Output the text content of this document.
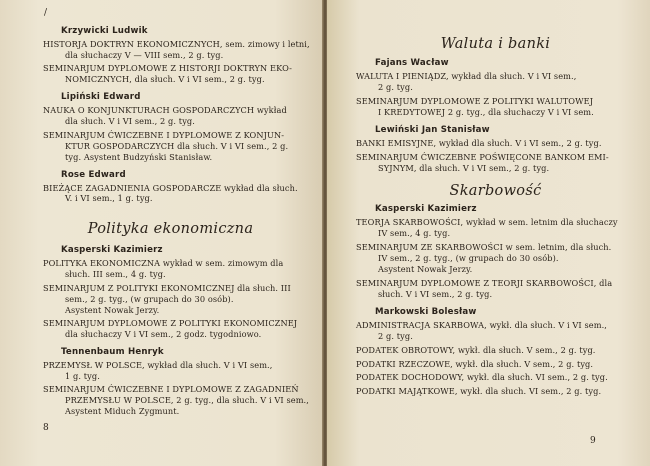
Krzywicki Ludwik
HISTORJA DOKTRYN EKONOMICZNYCH, sem. zimowy i letni,
dla słuchaczy V — VIII sem., 2 g. tyg.
SEMINARJUM DYPLOMOWE Z HISTORJI DOKTRYN EKO-
NOMICZNYCH, dla słuch. V i VI sem., 2 g. tyg.
Lipiński Edward
NAUKA O KONJUNKTURACH GOSPODARCZYCH wykład
dla słuch. V i VI sem., 2 g. tyg.
SEMINARJUM ĆWICZEBNE I DYPLOMOWE Z KONJUN-
KTUR GOSPODARCZYCH dla słuch. V i VI sem., 2 g.
tyg. Asystent Budzyński Stanisław.
Rose Edward
BIEŻĄCE ZAGADNIENIA GOSPODARCZE wykład dla słuch.
V. i VI sem., 1 g. tyg.
Polityka ekonomiczna
Kasperski Kazimierz
POLITYKA EKONOMICZNA wykład w sem. zimowym dla
słuch. III sem., 4 g. tyg.
SEMINARJUM Z POLITYKI EKONOMICZNEJ dla słuch. III
sem., 2 g. tyg., (w grupach do 30 osób).
Asystent Nowak Jerzy.
SEMINARJUM DYPLOMOWE Z POLITYKI EKONOMICZNEJ
dla słuchaczy V i VI sem., 2 godz. tygodniowo.
Tennenbaum Henryk
PRZEMYSŁ W POLSCE, wykład dla słuch. V i VI sem.,
1 g. tyg.
SEMINARJUM ĆWICZEBNE I DYPLOMOWE Z ZAGADNIEŃ
PRZEMYSŁU W POLSCE, 2 g. tyg., dla słuch. V i VI sem.,
Asystent Miduch Zygmunt.
/
8
Waluta i banki
Fajans Wacław
WALUTA I PIENIĄDZ, wykład dla słuch. V i VI sem.,
2 g. tyg.
SEMINARJUM DYPLOMOWE Z POLITYKI WALUTOWEJ
I KREDYTOWEJ 2 g. tyg., dla słuchaczy V i VI sem.
Lewiński Jan Stanisław
BANKI EMISYJNE, wykład dla słuch. V i VI sem., 2 g. tyg.
SEMINARJUM ĆWICZEBNE POŚWIĘCONE BANKOM EMI-
SYJNYM, dla słuch. V i VI sem., 2 g. tyg.
Skarbowość
Kasperski Kazimierz
TEORJA SKARBOWOŚCI, wykład w sem. letnim dla słuchaczy
IV sem., 4 g. tyg.
SEMINARJUM ZE SKARBOWOŚCI w sem. letnim, dla słuch.
IV sem., 2 g. tyg., (w grupach do 30 osób).
Asystent Nowak Jerzy.
SEMINARJUM DYPLOMOWE Z TEORJI SKARBOWOŚCI, dla
słuch. V i VI sem., 2 g. tyg.
Markowski Bolesław
ADMINISTRACJA SKARBOWA, wykł. dla słuch. V i VI sem.,
2 g. tyg.
PODATEK OBROTOWY, wykł. dla słuch. V sem., 2 g. tyg.
PODATKI RZECZOWE, wykł. dla słuch. V sem., 2 g. tyg.
PODATEK DOCHODOWY, wykł. dla słuch. VI sem., 2 g. tyg.
PODATKI MAJĄTKOWE, wykł. dla słuch. VI sem., 2 g. tyg.
9
